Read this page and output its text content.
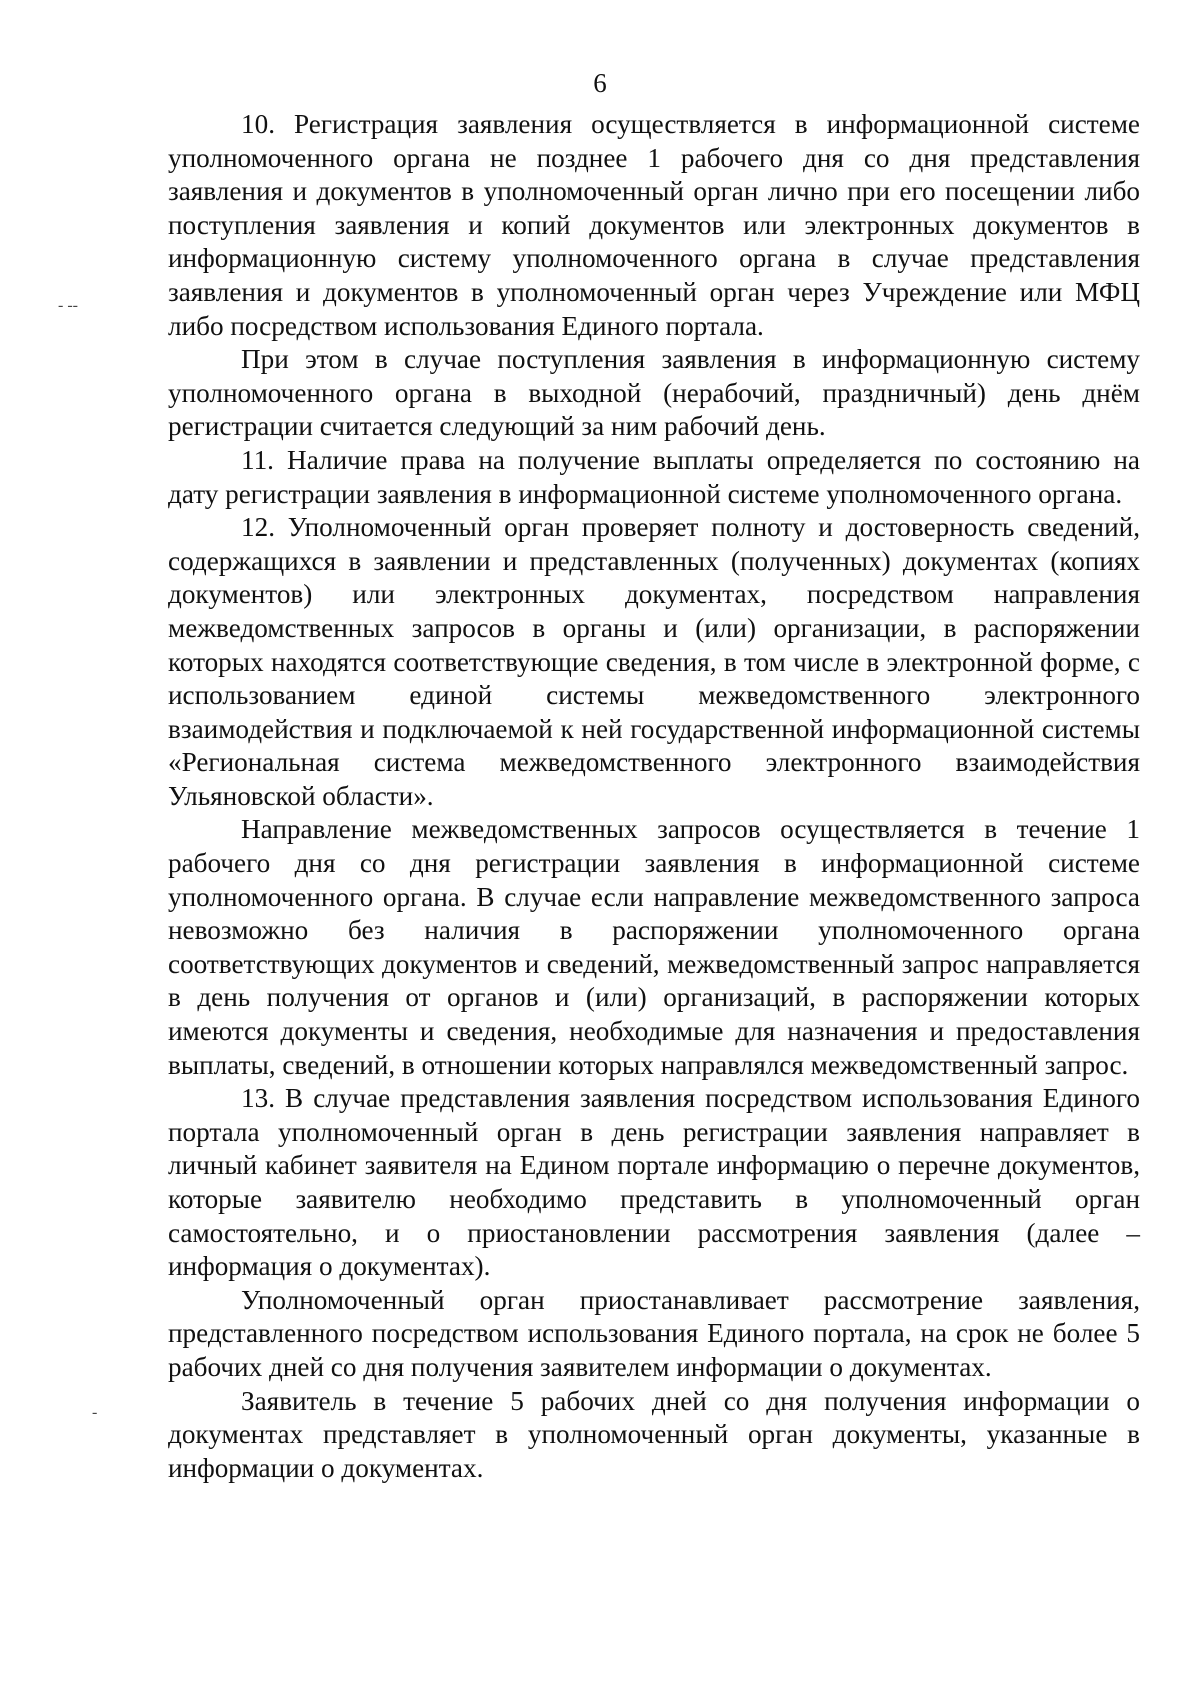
6
- --
-

10. Регистрация заявления осуществляется в информационной системе уполномоченного органа не позднее 1 рабочего дня со дня представления заявления и документов в уполномоченный орган лично при его посещении либо поступления заявления и копий документов или электронных документов в информационную систему уполномоченного органа в случае представления заявления и документов в уполномоченный орган через Учреждение или МФЦ либо посредством использования Единого портала.

При этом в случае поступления заявления в информационную систему уполномоченного органа в выходной (нерабочий, праздничный) день днём регистрации считается следующий за ним рабочий день.

11. Наличие права на получение выплаты определяется по состоянию на дату регистрации заявления в информационной системе уполномоченного органа.

12. Уполномоченный орган проверяет полноту и достоверность сведений, содержащихся в заявлении и представленных (полученных) документах (копиях документов) или электронных документах, посредством направления межведомственных запросов в органы и (или) организации, в распоряжении которых находятся соответствующие сведения, в том числе в электронной форме, с использованием единой системы межведомственного электронного взаимодействия и подключаемой к ней государственной информационной системы «Региональная система межведомственного электронного взаимодействия Ульяновской области».

Направление межведомственных запросов осуществляется в течение 1 рабочего дня со дня регистрации заявления в информационной системе уполномоченного органа. В случае если направление межведомственного запроса невозможно без наличия в распоряжении уполномоченного органа соответствующих документов и сведений, межведомственный запрос направляется в день получения от органов и (или) организаций, в распоряжении которых имеются документы и сведения, необходимые для назначения и предоставления выплаты, сведений, в отношении которых направлялся межведомственный запрос.

13. В случае представления заявления посредством использования Единого портала уполномоченный орган в день регистрации заявления направляет в личный кабинет заявителя на Едином портале информацию о перечне документов, которые заявителю необходимо представить в уполномоченный орган самостоятельно, и о приостановлении рассмотрения заявления (далее – информация о документах).

Уполномоченный орган приостанавливает рассмотрение заявления, представленного посредством использования Единого портала, на срок не более 5 рабочих дней со дня получения заявителем информации о документах.

Заявитель в течение 5 рабочих дней со дня получения информации о документах представляет в уполномоченный орган документы, указанные в информации о документах.
